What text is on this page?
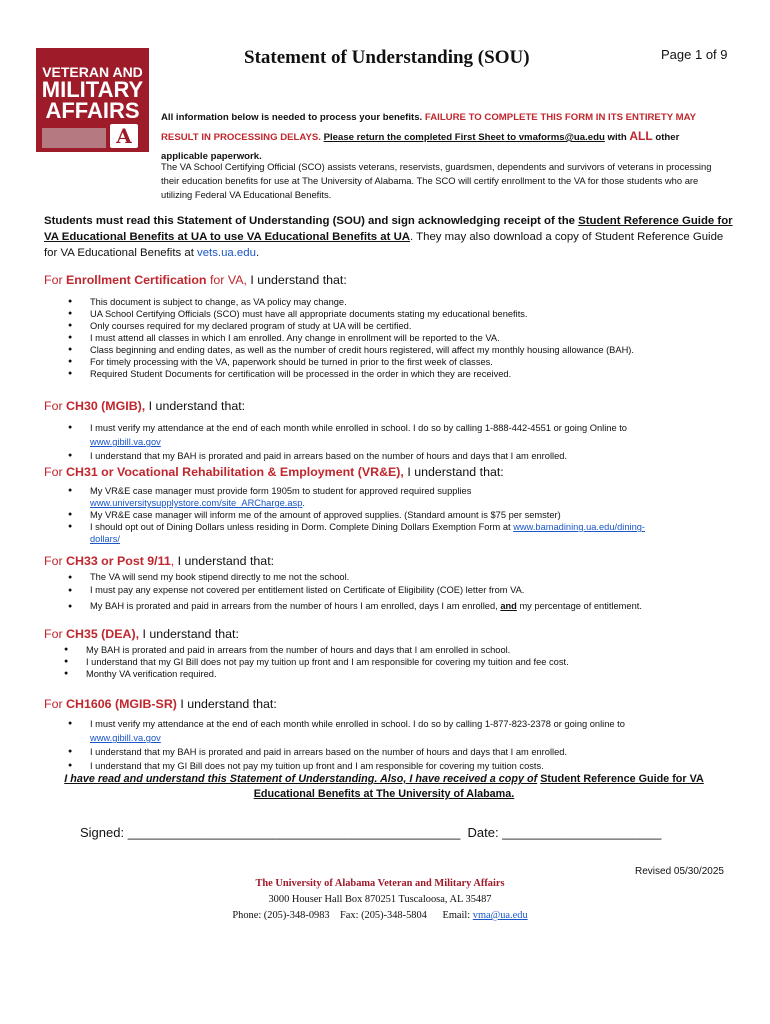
VETERAN AND
MILITARY
AFFAIRS
A
Statement of Understanding (SOU)	Page 1 of 9
All information below is needed to process your benefits. FAILURE TO COMPLETE THIS FORM IN ITS ENTIRETY MAY RESULT IN PROCESSING DELAYS. Please return the completed First Sheet to vmaforms@ua.edu with ALL other applicable paperwork.
The VA School Certifying Official (SCO) assists veterans, reservists, guardsmen, dependents and survivors of veterans in processing their education benefits for use at The University of Alabama. The SCO will certify enrollment to the VA for those students who are utilizing Federal VA Educational Benefits.
Students must read this Statement of Understanding (SOU) and sign acknowledging receipt of the Student Reference Guide for VA Educational Benefits at UA to use VA Educational Benefits at UA. They may also download a copy of Student Reference Guide for VA Educational Benefits at vets.ua.edu.
For Enrollment Certification for VA, I understand that:
● This document is subject to change, as VA policy may change.
● UA School Certifying Officials (SCO) must have all appropriate documents stating my educational benefits.
● Only courses required for my declared program of study at UA will be certified.
● I must attend all classes in which I am enrolled. Any change in enrollment will be reported to the VA.
● Class beginning and ending dates, as well as the number of credit hours registered, will affect my monthly housing allowance (BAH).
● For timely processing with the VA, paperwork should be turned in prior to the first week of classes.
● Required Student Documents for certification will be processed in the order in which they are received.
For CH30 (MGIB), I understand that:
● I must verify my attendance at the end of each month while enrolled in school. I do so by calling 1-888-442-4551 or going Online to www.gibill.va.gov
● I understand that my BAH is prorated and paid in arrears based on the number of hours and days that I am enrolled.
For CH31 or Vocational Rehabilitation & Employment (VR&E), I understand that:
● My VR&E case manager must provide form 1905m to student for approved required supplies www.universitysupplystore.com/site_ARCharge.asp.
● My VR&E case manager will inform me of the amount of approved supplies. (Standard amount is $75 per semster)
● I should opt out of Dining Dollars unless residing in Dorm. Complete Dining Dollars Exemption Form at www.bamadining.ua.edu/dining-dollars/
For CH33 or Post 9/11, I understand that:
● The VA will send my book stipend directly to me not the school.
● I must pay any expense not covered per entitlement listed on Certificate of Eligibility (COE) letter from VA.
● My BAH is prorated and paid in arrears from the number of hours I am enrolled, days I am enrolled, and my percentage of entitlement.
For CH35 (DEA), I understand that:
● My BAH is prorated and paid in arrears from the number of hours and days that I am enrolled in school.
● I understand that my GI Bill does not pay my tuition up front and I am responsible for covering my tuition and fee cost.
● Monthy VA verification required.
For CH1606 (MGIB-SR) I understand that:
● I must verify my attendance at the end of each month while enrolled in school. I do so by calling 1-877-823-2378 or going online to www.gibill.va.gov
● I understand that my BAH is prorated and paid in arrears based on the number of hours and days that I am enrolled.
● I understand that my GI Bill does not pay my tuition up front and I am responsible for covering my tuition costs.
I have read and understand this Statement of Understanding. Also, I have received a copy of Student Reference Guide for VA Educational Benefits at The University of Alabama.
Signed: ______________________________________________ Date: ______________________
Revised 05/30/2025
The University of Alabama Veteran and Military Affairs
3000 Houser Hall Box 870251 Tuscaloosa, AL 35487
Phone: (205)-348-0983 Fax: (205)-348-5804 Email: vma@ua.edu
